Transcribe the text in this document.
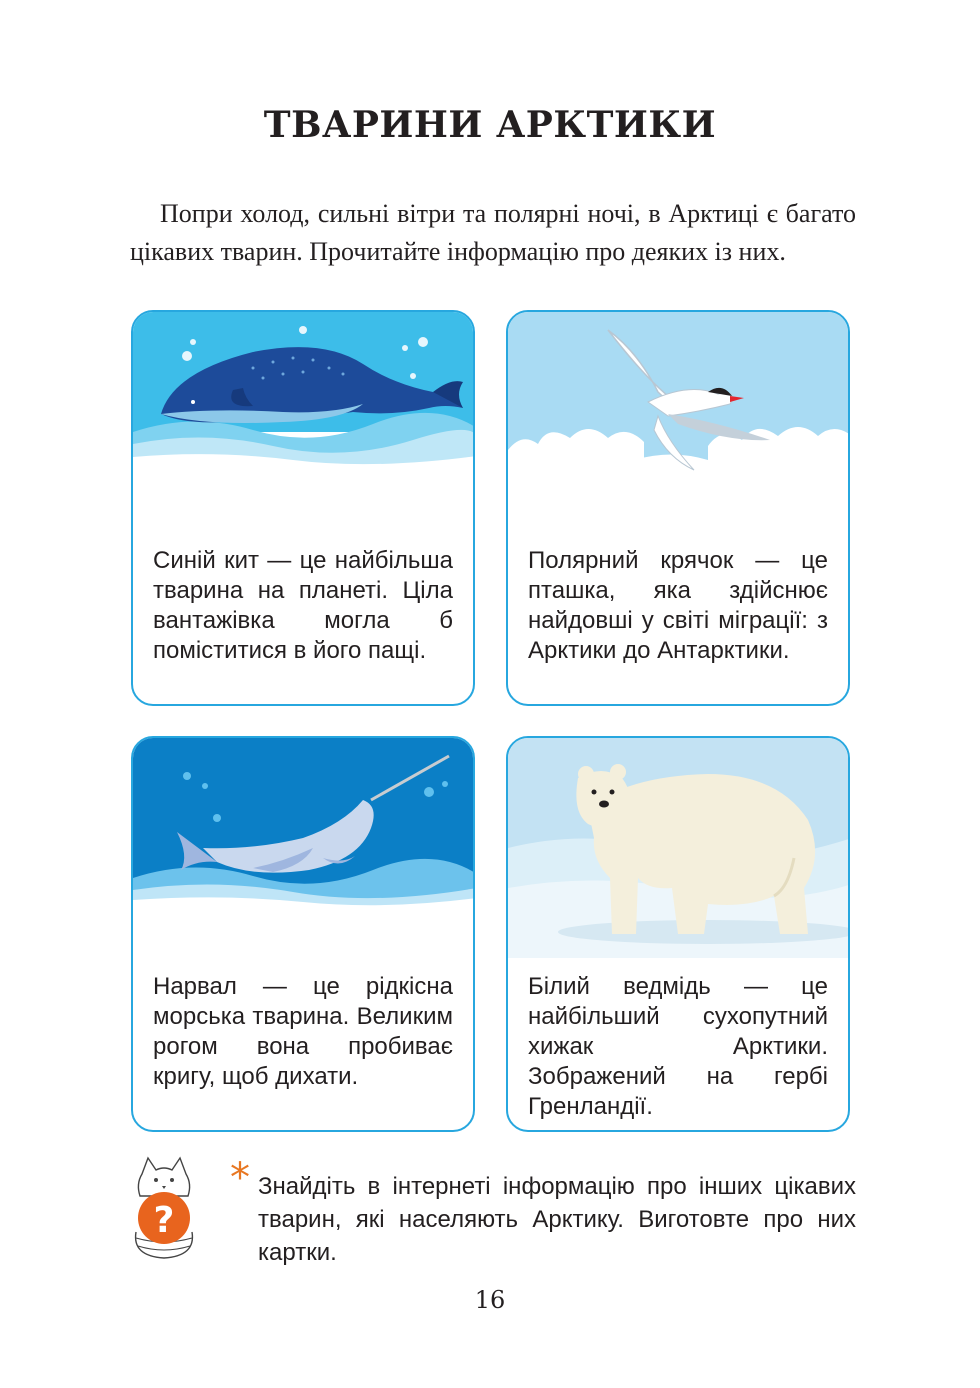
ТВАРИНИ АРКТИКИ
Попри холод, сильні вітри та полярні ночі, в Арктиці є багато цікавих тварин. Прочитайте інформацію про деяких із них.
Синій кит — це найбільша тварина на планеті. Ціла вантажівка могла б поміститися в його пащі.
Полярний крячок — це пташка, яка здійснює найдовші у світі міграції: з Арктики до Антарктики.
Нарвал — це рідкісна морська тварина. Великим рогом вона пробиває кригу, щоб дихати.
Білий ведмідь — це найбільший сухопутний хижак Арктики. Зображений на гербі Гренландії.
?
* Знайдіть в інтернеті інформацію про інших цікавих тварин, які населяють Арктику. Виготовте про них картки.
16
